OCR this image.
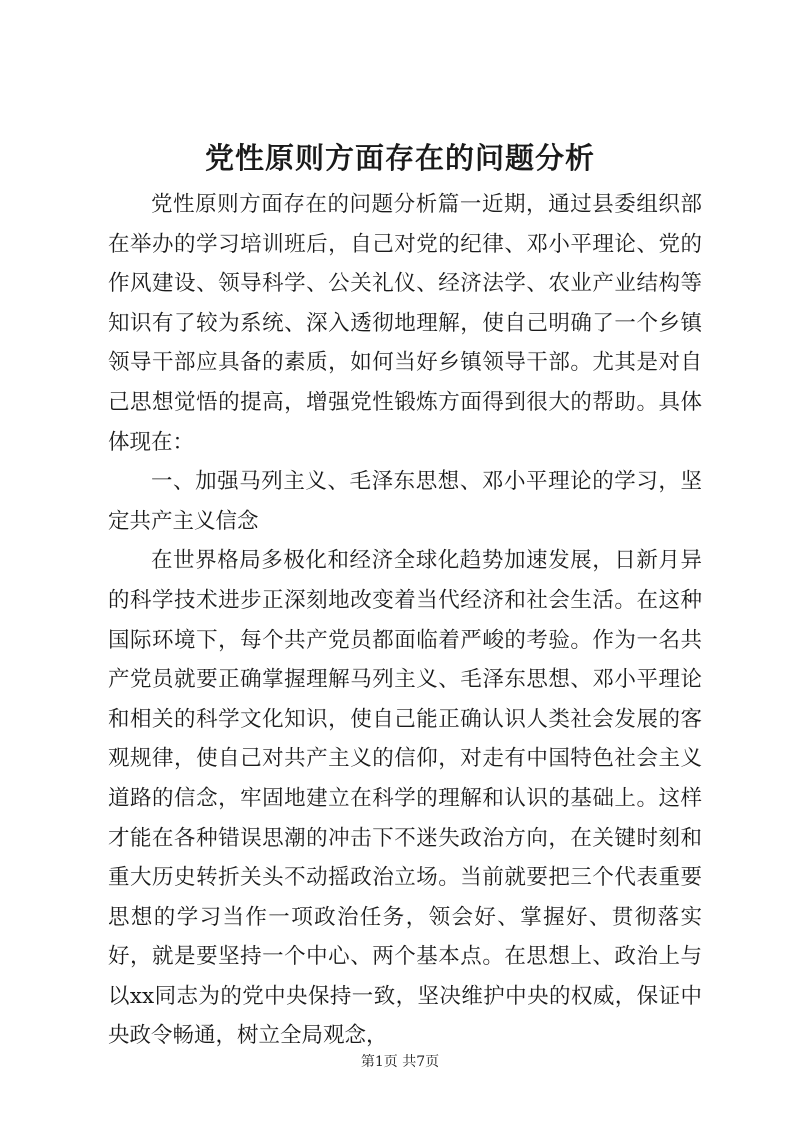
党性原则方面存在的问题分析

党性原则方面存在的问题分析篇一近期，通过县委组织部在举办的学习培训班后，自己对党的纪律、邓小平理论、党的作风建设、领导科学、公关礼仪、经济法学、农业产业结构等知识有了较为系统、深入透彻地理解，使自己明确了一个乡镇领导干部应具备的素质，如何当好乡镇领导干部。尤其是对自己思想觉悟的提高，增强党性锻炼方面得到很大的帮助。具体体现在：

一、加强马列主义、毛泽东思想、邓小平理论的学习，坚定共产主义信念

在世界格局多极化和经济全球化趋势加速发展，日新月异的科学技术进步正深刻地改变着当代经济和社会生活。在这种国际环境下，每个共产党员都面临着严峻的考验。作为一名共产党员就要正确掌握理解马列主义、毛泽东思想、邓小平理论和相关的科学文化知识，使自己能正确认识人类社会发展的客观规律，使自己对共产主义的信仰，对走有中国特色社会主义道路的信念，牢固地建立在科学的理解和认识的基础上。这样才能在各种错误思潮的冲击下不迷失政治方向，在关键时刻和重大历史转折关头不动摇政治立场。当前就要把三个代表重要思想的学习当作一项政治任务，领会好、掌握好、贯彻落实好，就是要坚持一个中心、两个基本点。在思想上、政治上与以xx同志为的党中央保持一致，坚决维护中央的权威，保证中央政令畅通，树立全局观念，

第1页 共7页
